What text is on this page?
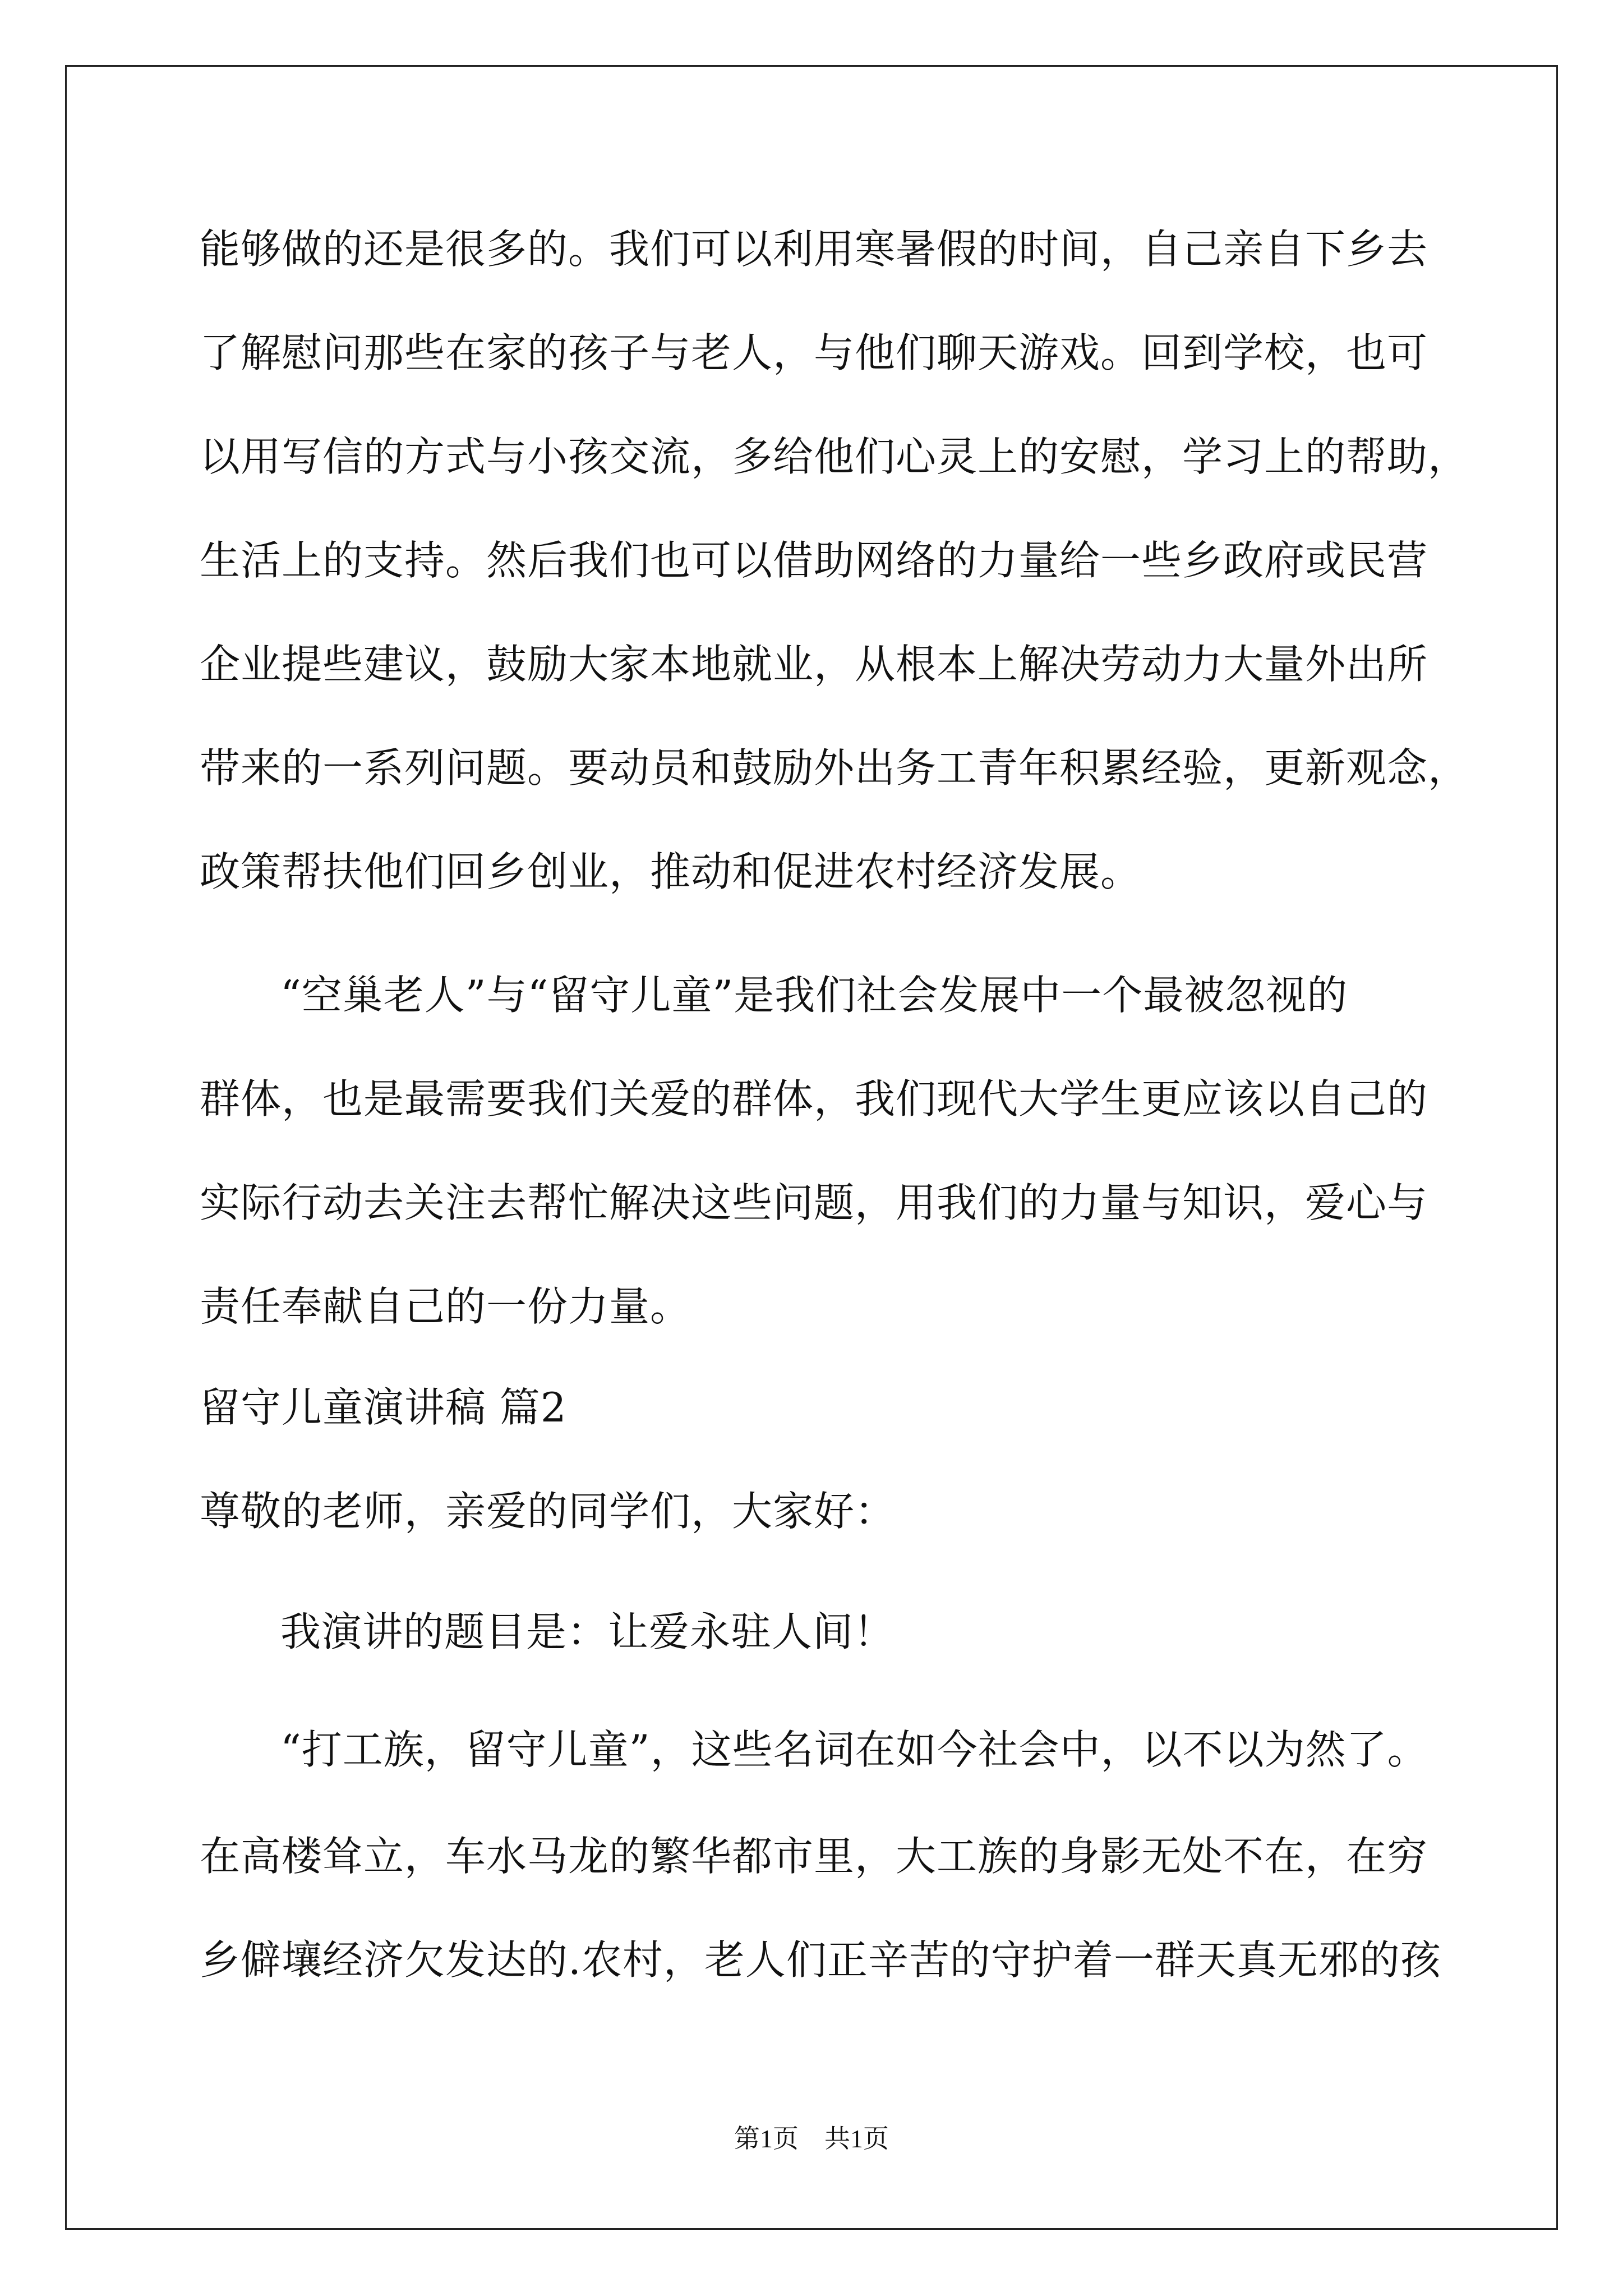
能够做的还是很多的。我们可以利用寒暑假的时间，自己亲自下乡去
了解慰问那些在家的孩子与老人，与他们聊天游戏。回到学校，也可
以用写信的方式与小孩交流，多给他们心灵上的安慰，学习上的帮助，
生活上的支持。然后我们也可以借助网络的力量给一些乡政府或民营
企业提些建议，鼓励大家本地就业，从根本上解决劳动力大量外出所
带来的一系列问题。要动员和鼓励外出务工青年积累经验，更新观念，
政策帮扶他们回乡创业，推动和促进农村经济发展。
“空巢老人”与“留守儿童”是我们社会发展中一个最被忽视的
群体，也是最需要我们关爱的群体，我们现代大学生更应该以自己的
实际行动去关注去帮忙解决这些问题，用我们的力量与知识，爱心与
责任奉献自己的一份力量。
留守儿童演讲稿 篇2
尊敬的老师，亲爱的同学们，大家好：
我演讲的题目是：让爱永驻人间！
“打工族，留守儿童”，这些名词在如今社会中，以不以为然了。
在高楼耸立，车水马龙的繁华都市里，大工族的身影无处不在，在穷
乡僻壤经济欠发达的.农村，老人们正辛苦的守护着一群天真无邪的孩
第1页　共1页
